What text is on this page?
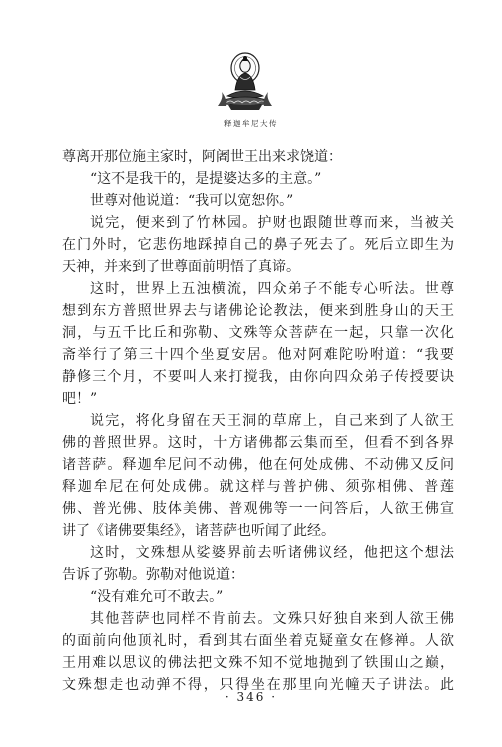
释迦牟尼大传
尊离开那位施主家时，阿阇世王出来求饶道：
“这不是我干的，是提婆达多的主意。”
世尊对他说道：“我可以宽恕你。”
说完，便来到了竹林园。护财也跟随世尊而来，当被关
在门外时，它悲伤地踩掉自己的鼻子死去了。死后立即生为
天神，并来到了世尊面前明悟了真谛。
这时，世界上五浊横流，四众弟子不能专心听法。世尊
想到东方普照世界去与诸佛论论教法，便来到胜身山的天王
洞，与五千比丘和弥勒、文殊等众菩萨在一起，只靠一次化
斋举行了第三十四个坐夏安居。他对阿难陀吩咐道：“我要
静修三个月，不要叫人来打搅我，由你向四众弟子传授要诀
吧！”
说完，将化身留在天王洞的草席上，自己来到了人欲王
佛的普照世界。这时，十方诸佛都云集而至，但看不到各界
诸菩萨。释迦牟尼问不动佛，他在何处成佛、不动佛又反问
释迦牟尼在何处成佛。就这样与普护佛、须弥相佛、普莲
佛、普光佛、肢体美佛、普观佛等一一问答后，人欲王佛宣
讲了《诸佛要集经》，诸菩萨也听闻了此经。
这时，文殊想从娑婆界前去听诸佛议经，他把这个想法
告诉了弥勒。弥勒对他说道：
“没有难允可不敢去。”
其他菩萨也同样不肯前去。文殊只好独自来到人欲王佛
的面前向他顶礼时，看到其右面坐着克疑童女在修禅。人欲
王用难以思议的佛法把文殊不知不觉地抛到了铁围山之巅，
文殊想走也动弹不得，只得坐在那里向光幢天子讲法。此
· 346 ·
